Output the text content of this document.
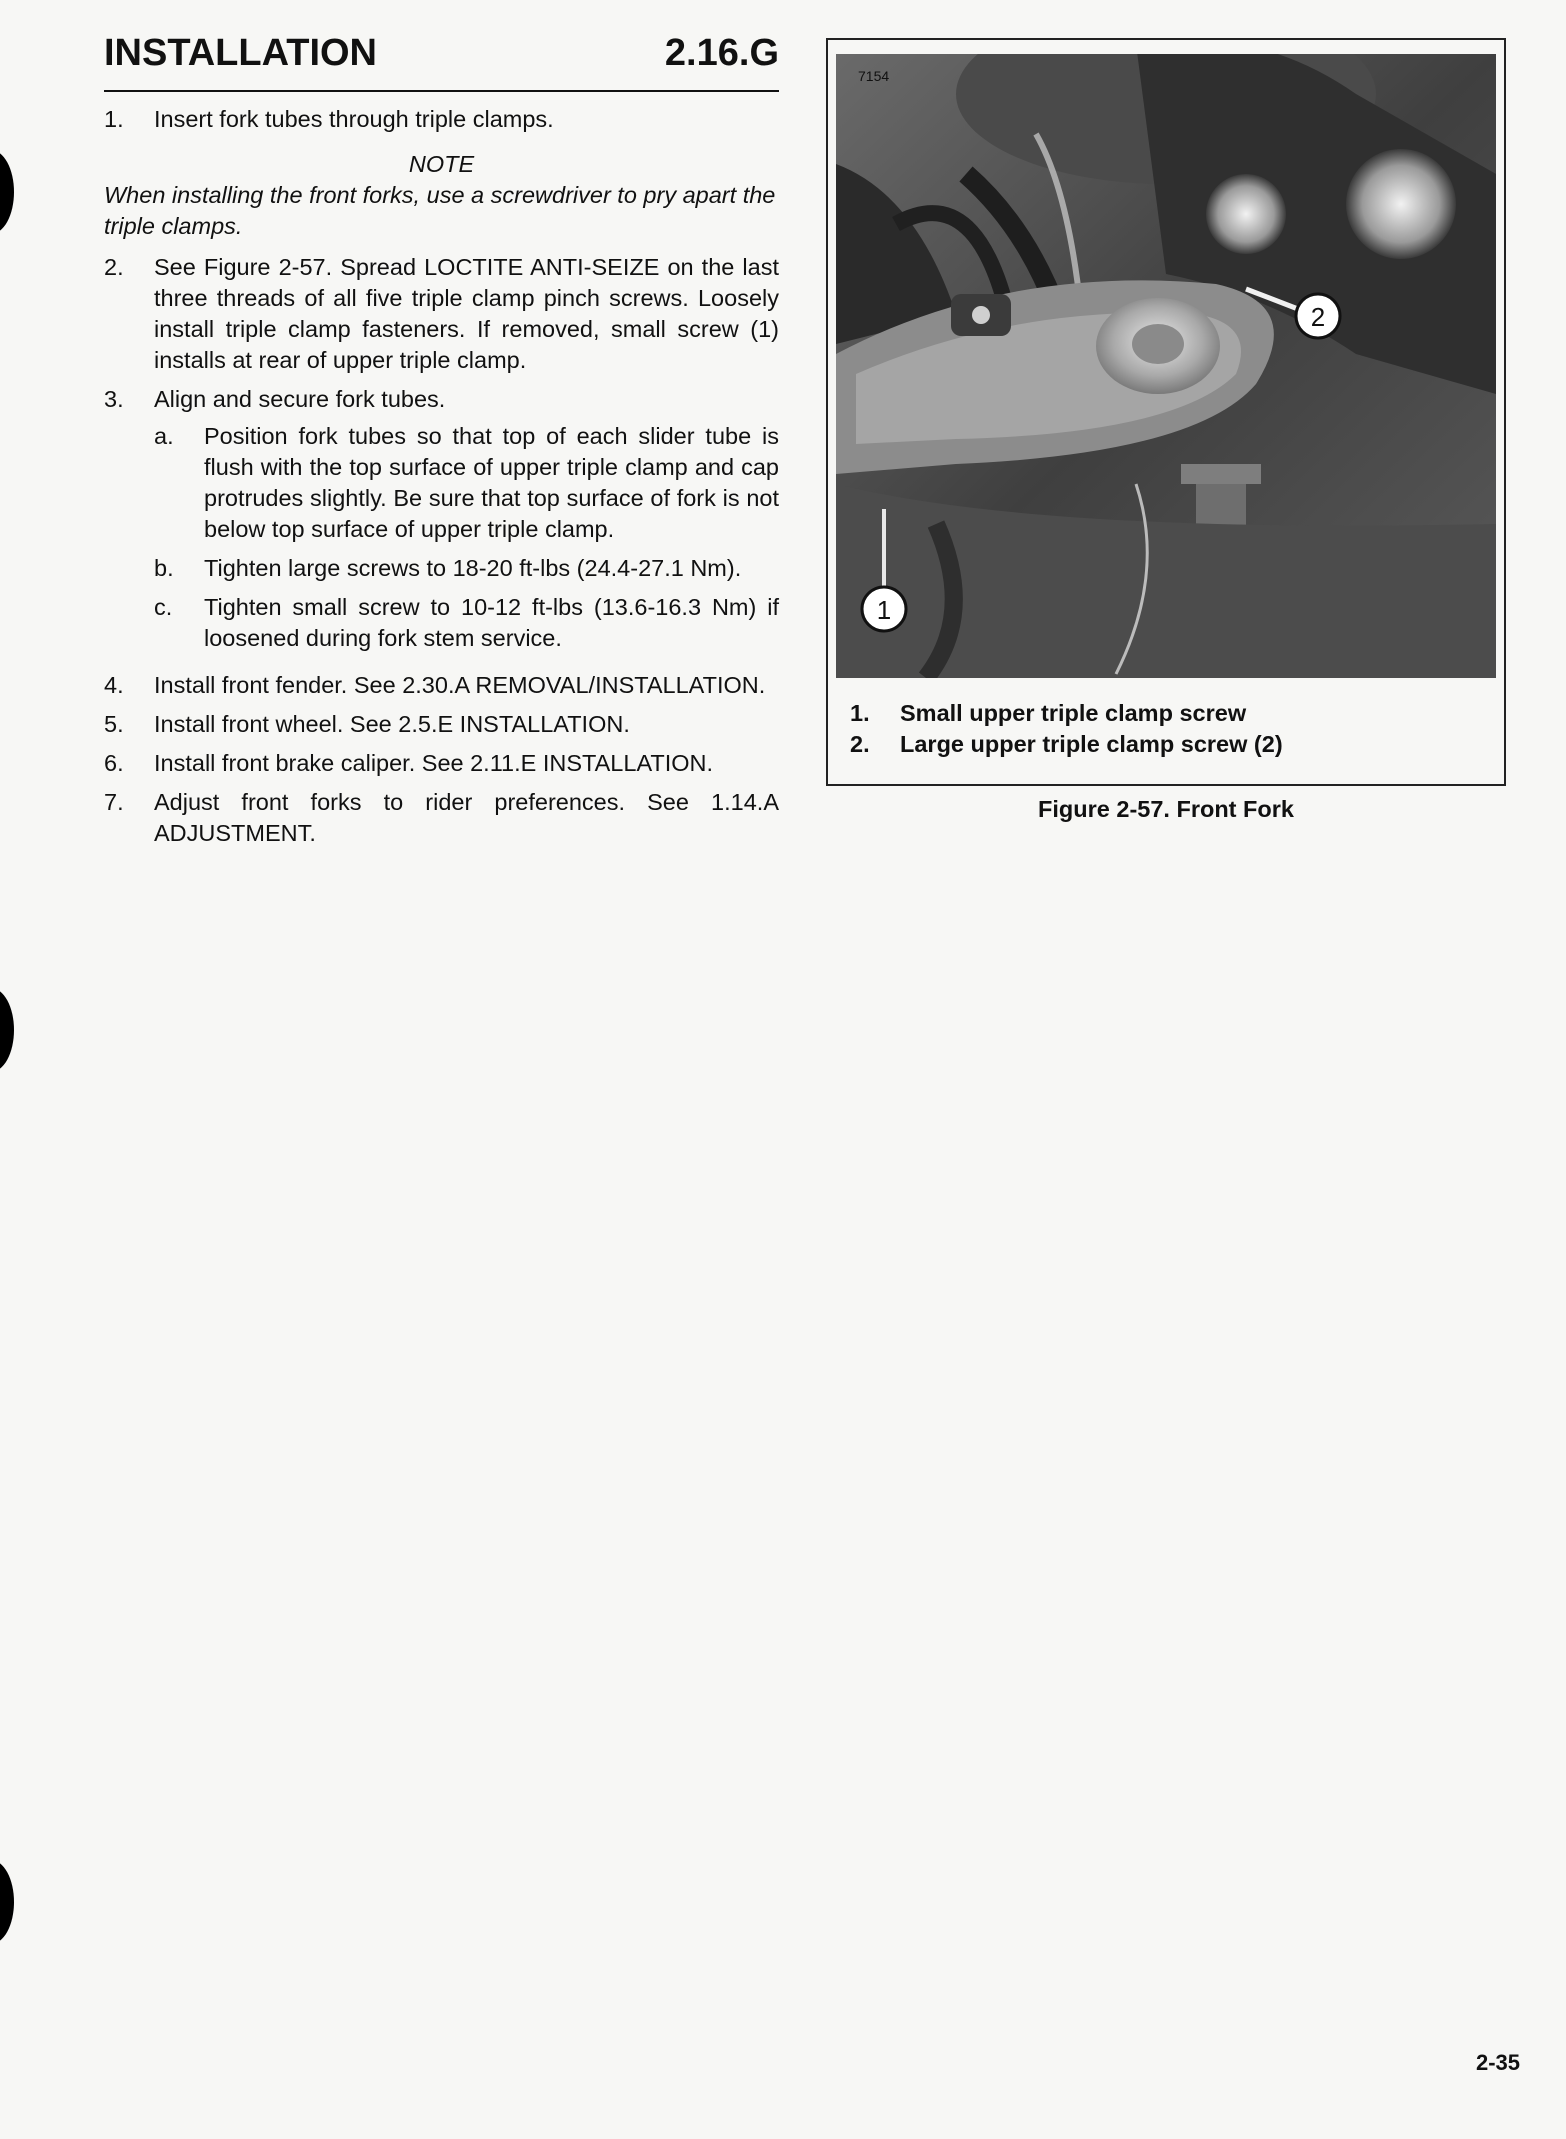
INSTALLATION	2.16.G
1.	Insert fork tubes through triple clamps.
NOTE
When installing the front forks, use a screwdriver to pry apart the triple clamps.
2.	See Figure 2-57. Spread LOCTITE ANTI-SEIZE on the last three threads of all five triple clamp pinch screws. Loosely install triple clamp fasteners. If removed, small screw (1) installs at rear of upper triple clamp.
3.	Align and secure fork tubes.
a.	Position fork tubes so that top of each slider tube is flush with the top surface of upper triple clamp and cap protrudes slightly. Be sure that top surface of fork is not below top surface of upper triple clamp.
b.	Tighten large screws to 18-20 ft-lbs (24.4-27.1 Nm).
c.	Tighten small screw to 10-12 ft-lbs (13.6-16.3 Nm) if loosened during fork stem service.
4.	Install front fender. See 2.30.A REMOVAL/INSTALLATION.
5.	Install front wheel. See 2.5.E INSTALLATION.
6.	Install front brake caliper. See 2.11.E INSTALLATION.
7.	Adjust front forks to rider preferences. See 1.14.A ADJUSTMENT.
1
2
7154
1.	Small upper triple clamp screw
2.	Large upper triple clamp screw (2)
Figure 2-57. Front Fork
2-35
